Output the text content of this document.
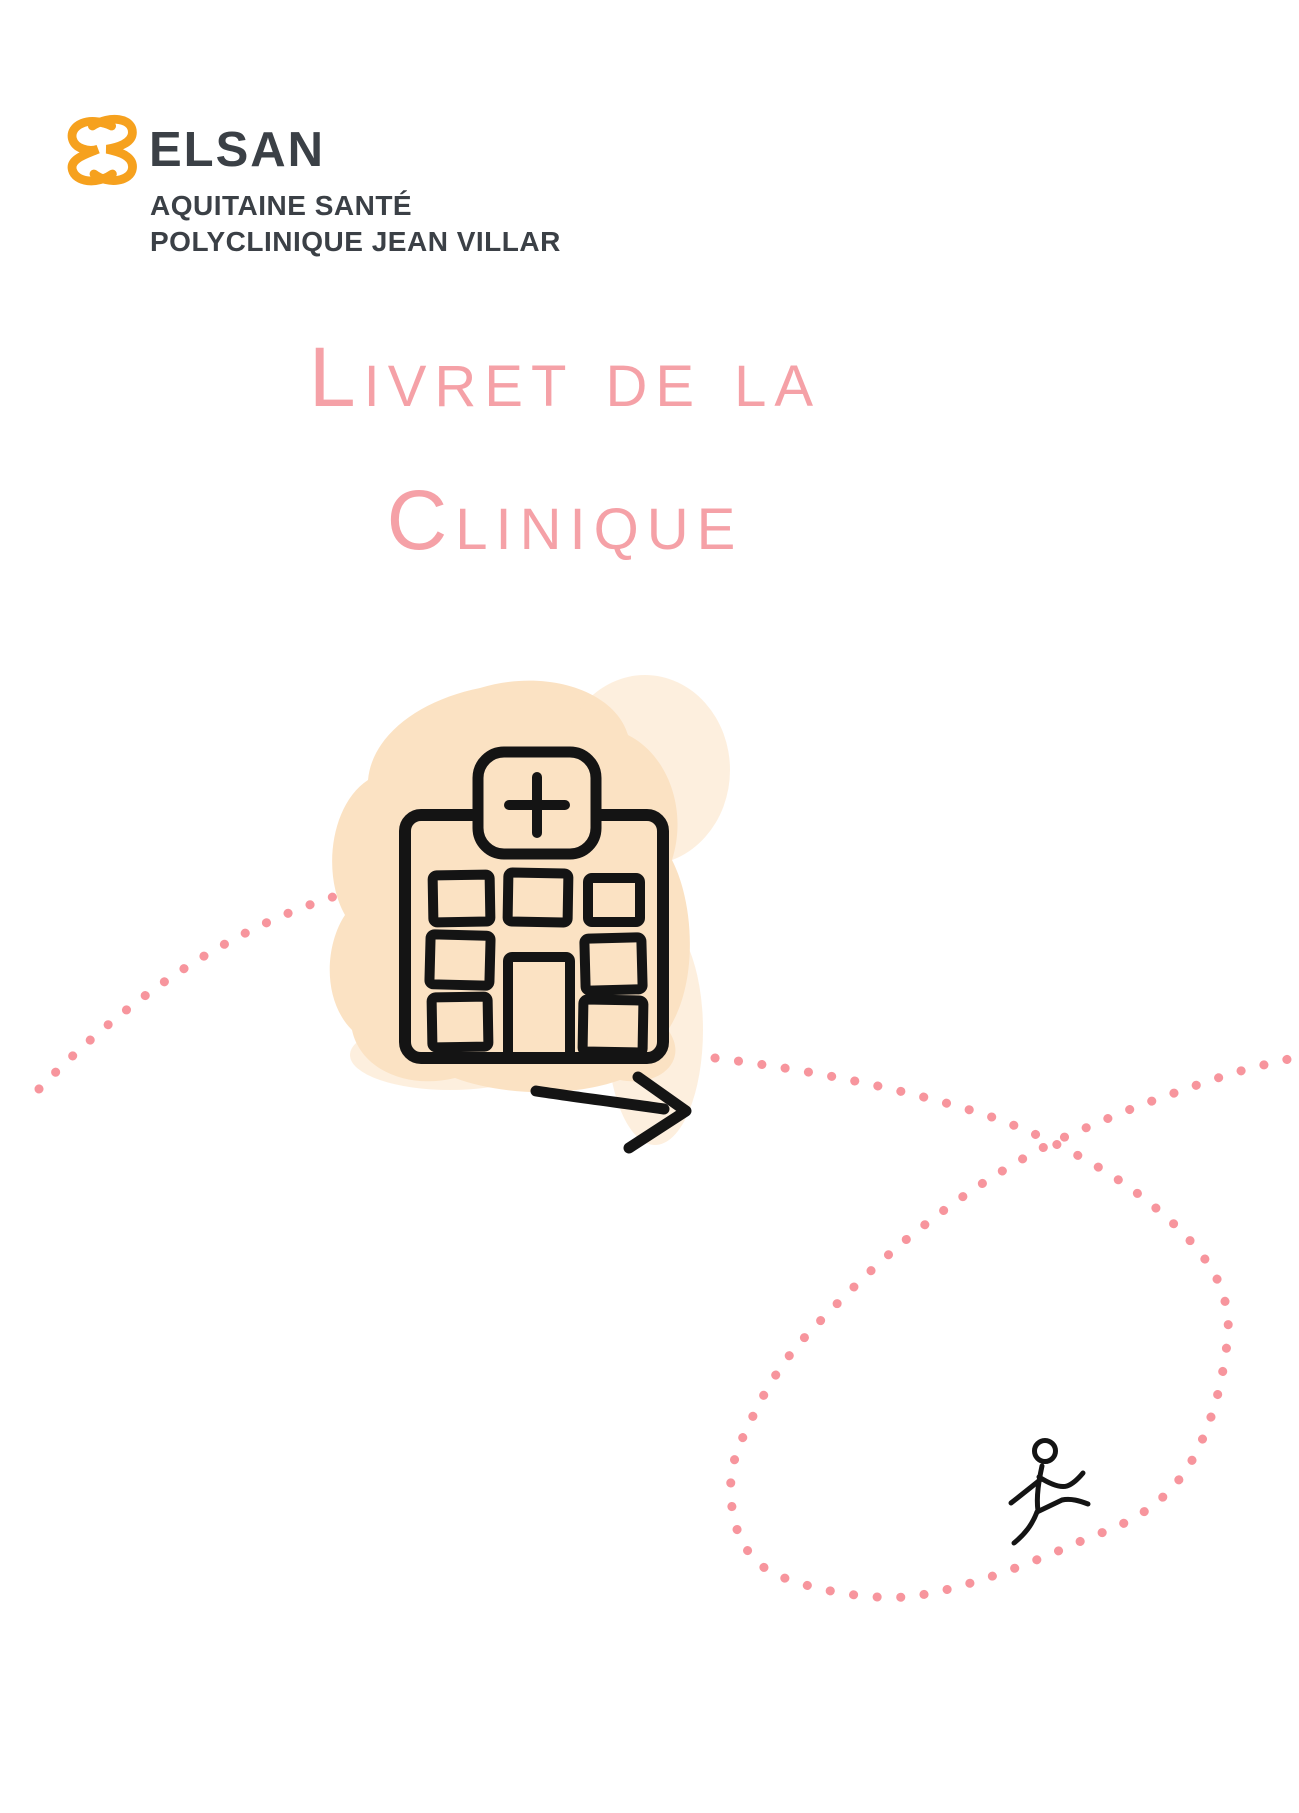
ELSAN
AQUITAINE SANTÉ
POLYCLINIQUE JEAN VILLAR
LIVRET DE LA
CLINIQUE
